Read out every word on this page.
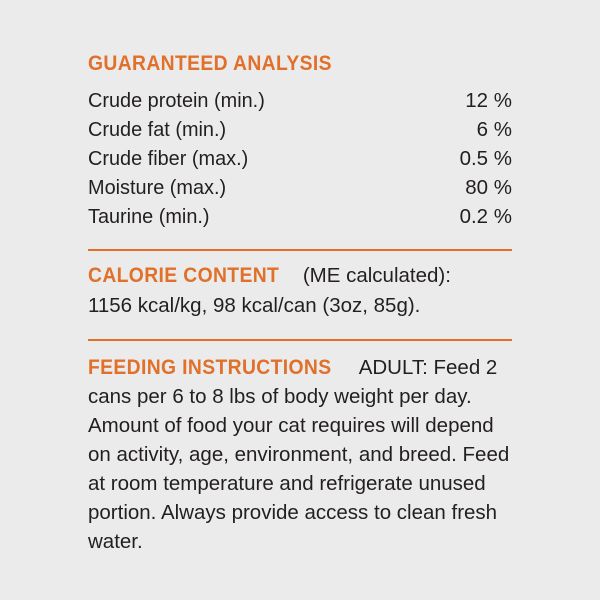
GUARANTEED ANALYSIS
Crude protein (min.)	12 %
Crude fat (min.)	6 %
Crude fiber (max.)	0.5 %
Moisture (max.)	80 %
Taurine (min.)	0.2 %
CALORIE CONTENT (ME calculated):
1156 kcal/kg, 98 kcal/can (3oz, 85g).
FEEDING INSTRUCTIONS ADULT: Feed 2 cans per 6 to 8 lbs of body weight per day. Amount of food your cat requires will depend on activity, age, environment, and breed. Feed at room temperature and refrigerate unused portion. Always provide access to clean fresh water.
